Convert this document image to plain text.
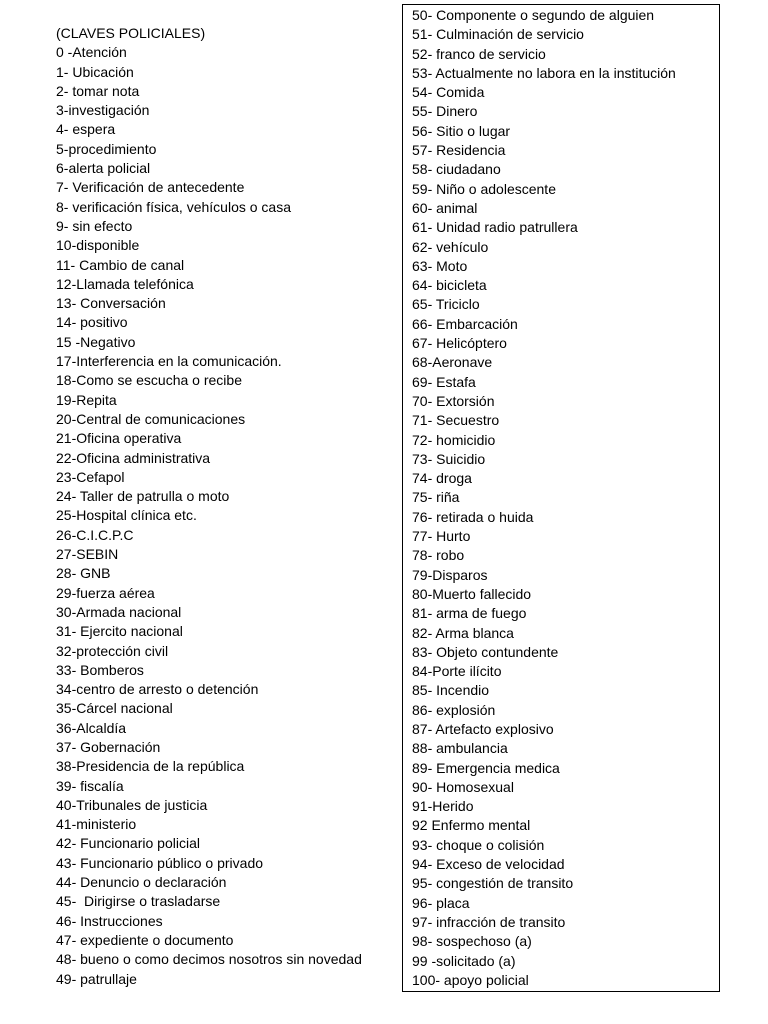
(CLAVES POLICIALES)
0 -Atención
1- Ubicación
2- tomar nota
3-investigación
4- espera
5-procedimiento
6-alerta policial
7- Verificación de antecedente
8- verificación física, vehículos o casa
9- sin efecto
10-disponible
11- Cambio de canal
12-Llamada telefónica
13- Conversación
14- positivo
15 -Negativo
17-Interferencia en la comunicación.
18-Como se escucha o recibe
19-Repita
20-Central de comunicaciones
21-Oficina operativa
22-Oficina administrativa
23-Cefapol
24- Taller de patrulla o moto
25-Hospital clínica etc.
26-C.I.C.P.C
27-SEBIN
28- GNB
29-fuerza aérea
30-Armada nacional
31- Ejercito nacional
32-protección civil
33- Bomberos
34-centro de arresto o detención
35-Cárcel nacional
36-Alcaldía
37- Gobernación
38-Presidencia de la república
39- fiscalía
40-Tribunales de justicia
41-ministerio
42- Funcionario policial
43- Funcionario público o privado
44- Denuncio o declaración
45-  Dirigirse o trasladarse
46- Instrucciones
47- expediente o documento
48- bueno o como decimos nosotros sin novedad
49- patrullaje
50- Componente o segundo de alguien
51- Culminación de servicio
52- franco de servicio
53- Actualmente no labora en la institución
54- Comida
55- Dinero
56- Sitio o lugar
57- Residencia
58- ciudadano
59- Niño o adolescente
60- animal
61- Unidad radio patrullera
62- vehículo
63- Moto
64- bicicleta
65- Triciclo
66- Embarcación
67- Helicóptero
68-Aeronave
69- Estafa
70- Extorsión
71- Secuestro
72- homicidio
73- Suicidio
74- droga
75- riña
76- retirada o huida
77- Hurto
78- robo
79-Disparos
80-Muerto fallecido
81- arma de fuego
82- Arma blanca
83- Objeto contundente
84-Porte ilícito
85- Incendio
86- explosión
87- Artefacto explosivo
88- ambulancia
89- Emergencia medica
90- Homosexual
91-Herido
92 Enfermo mental
93- choque o colisión
94- Exceso de velocidad
95- congestión de transito
96- placa
97- infracción de transito
98- sospechoso (a)
99 -solicitado (a)
100- apoyo policial
